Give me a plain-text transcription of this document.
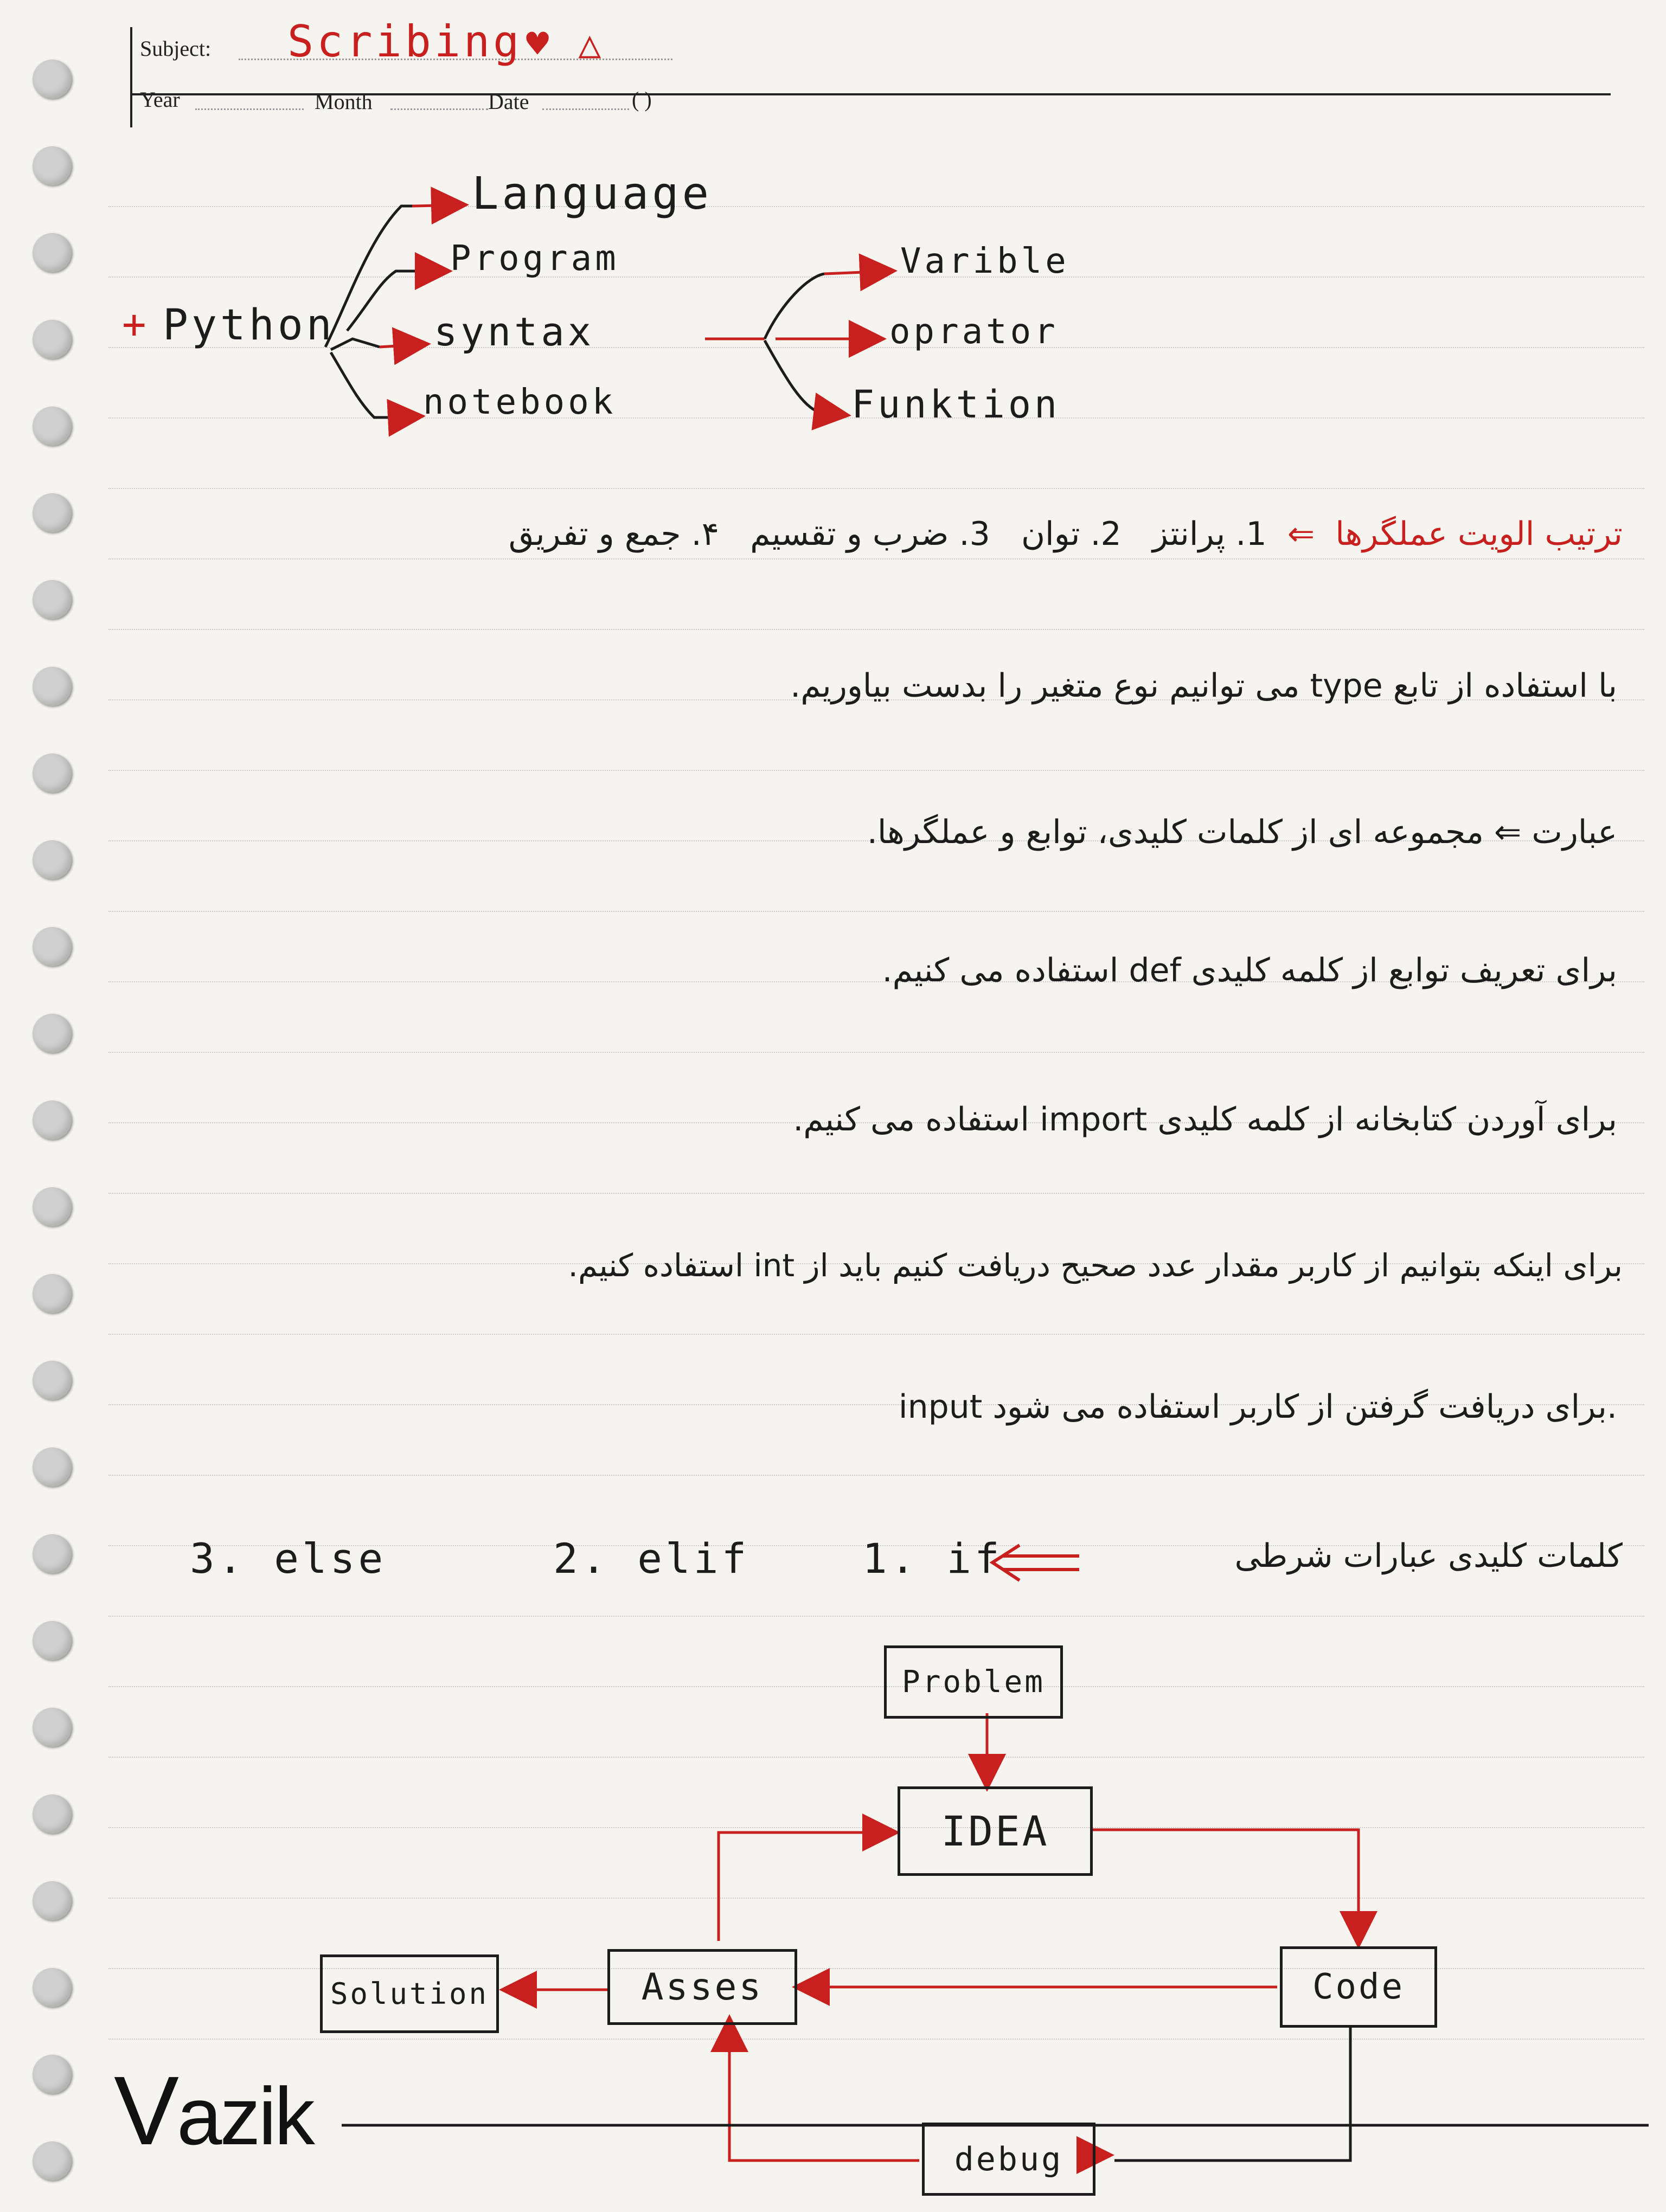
Subject: Scribing ♥ △
Year	Month	Date	( )
+ Python
Language
Program
syntax
notebook
Varible
oprator
Funktion
ترتیب الویت عملگرها  ⇐  1. پرانتز   2. توان   3. ضرب و تقسیم   ۴. جمع و تفریق
با استفاده از تابع type می توانیم نوع متغیر را بدست بیاوریم.
عبارت ⇐ مجموعه ای از کلمات کلیدی، توابع و عملگرها.
برای تعریف توابع از کلمه کلیدی def استفاده می کنیم.
برای آوردن کتابخانه از کلمه کلیدی import استفاده می کنیم.
برای اینکه بتوانیم از کاربر مقدار عدد صحیح دریافت کنیم باید از int استفاده کنیم.
input برای دریافت گرفتن از کاربر استفاده می شود.
کلمات کلیدی عبارات شرطی
1. if
2. elif
3. else
Problem
IDEA
Code
Asses
Solution
debug
Vazik
